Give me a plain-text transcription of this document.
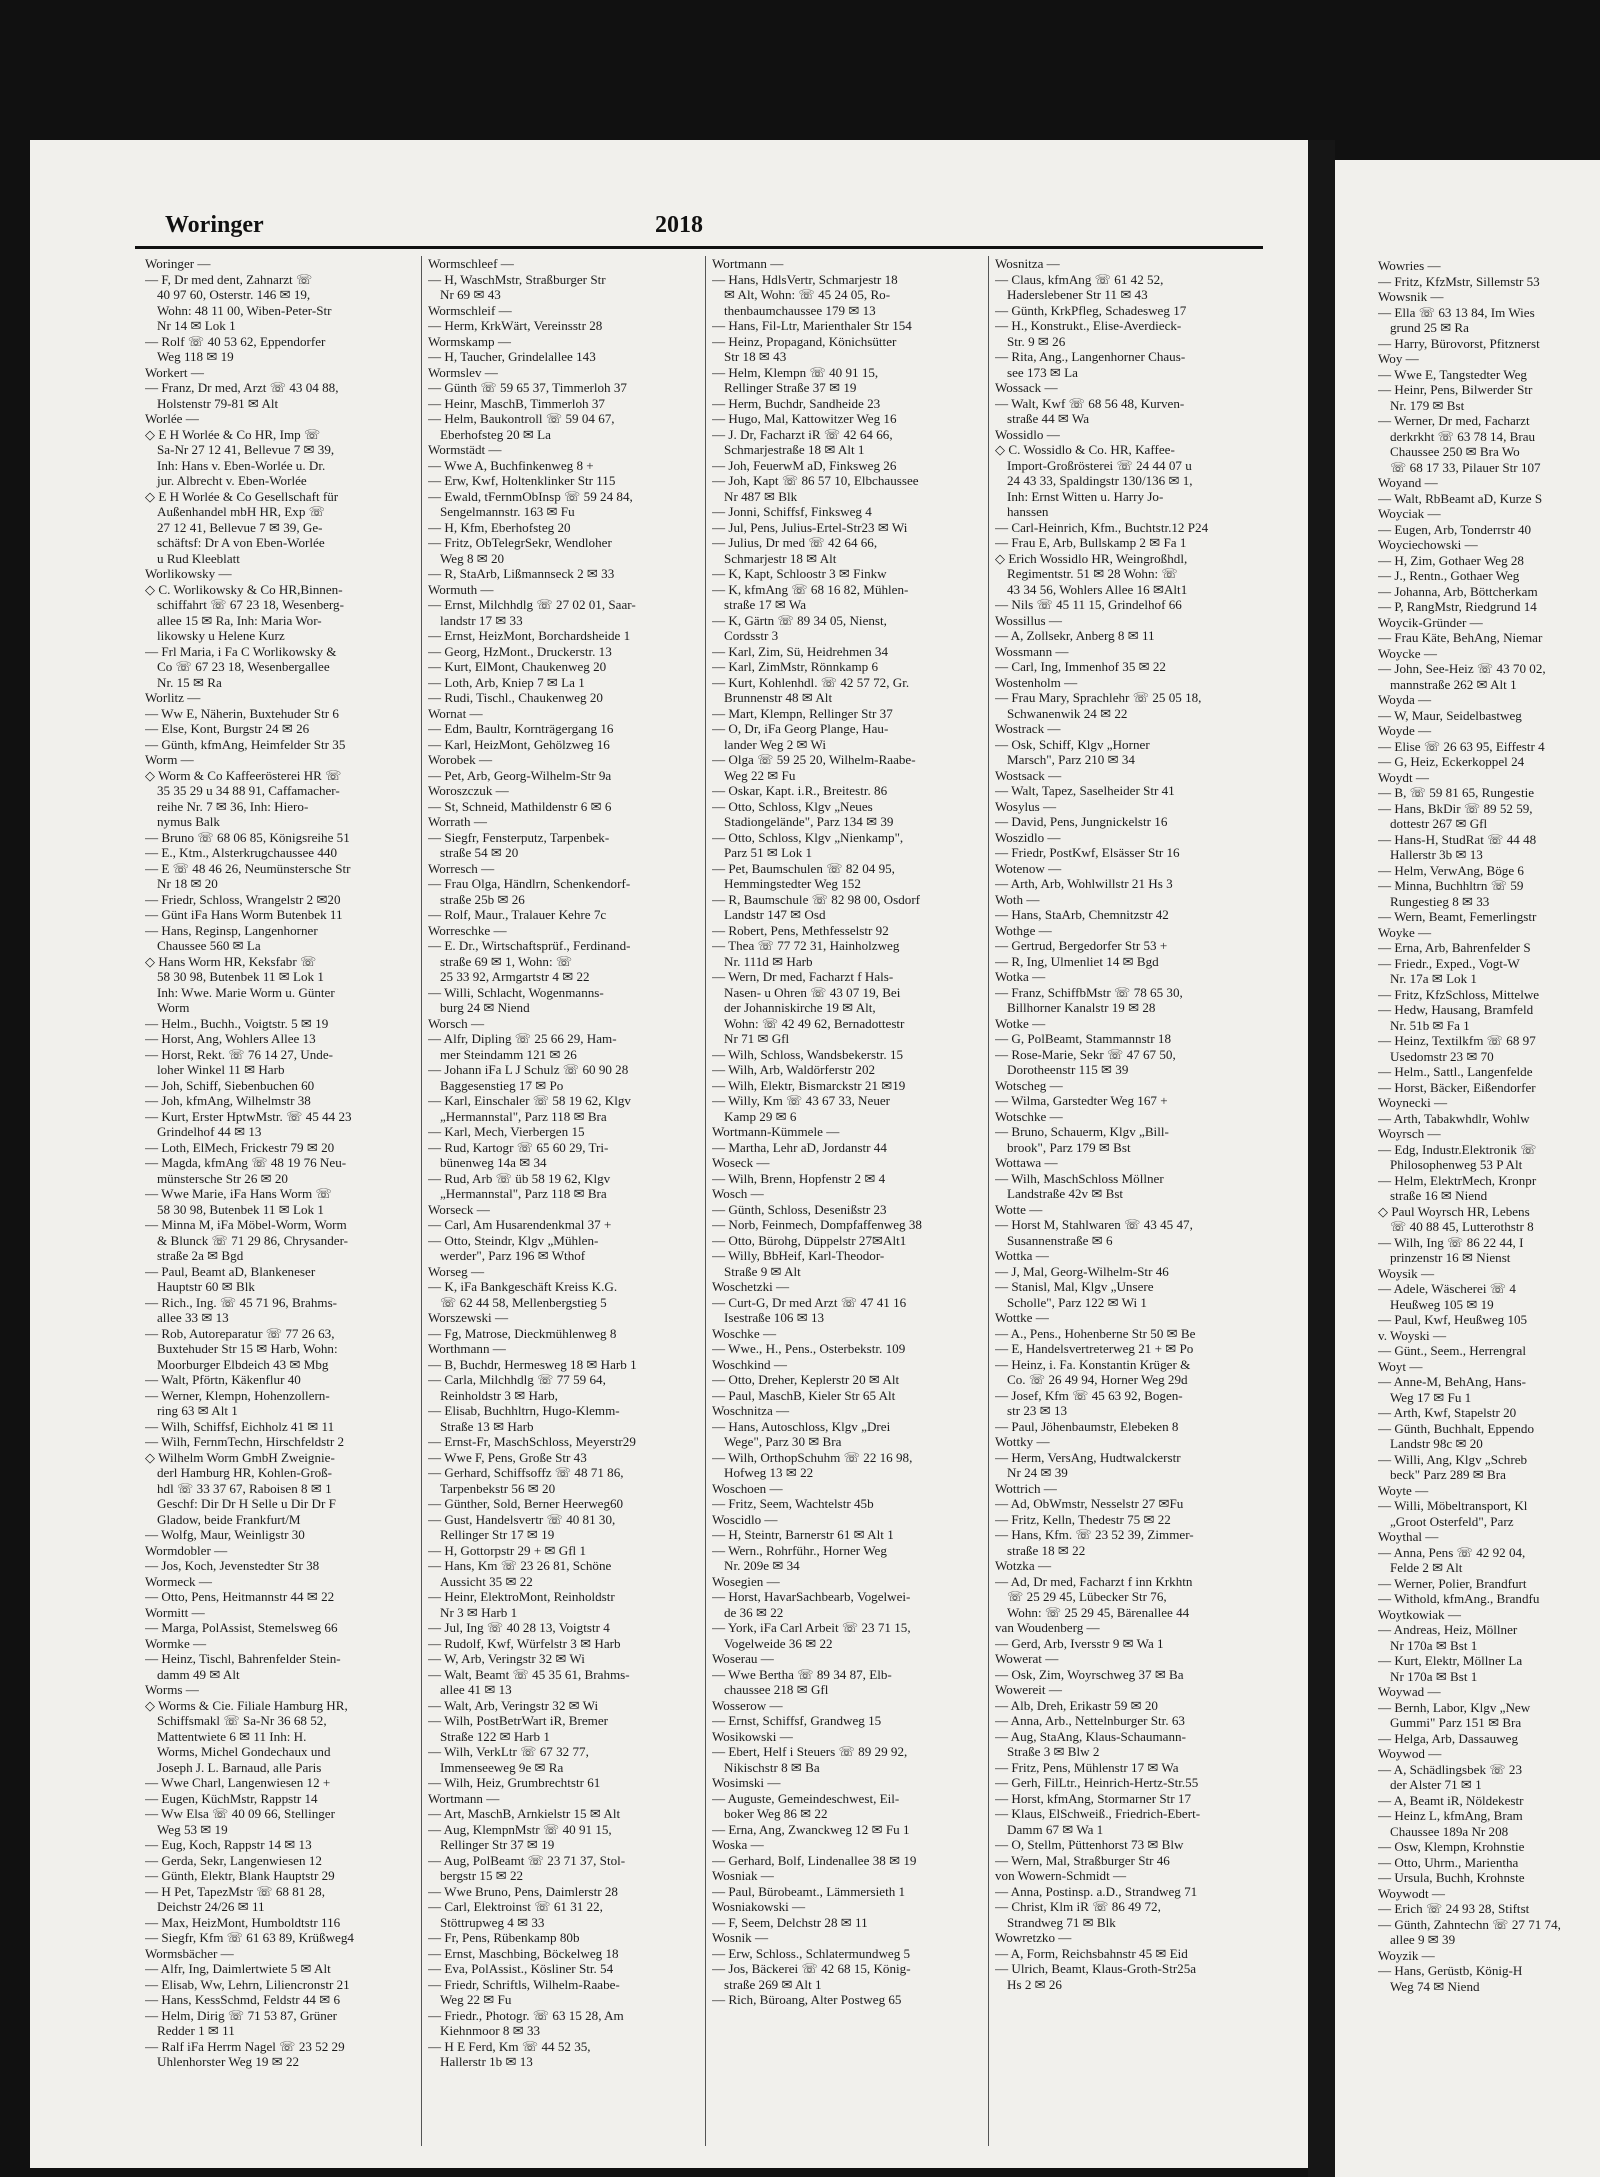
Woringer	2018
Woringer —
— F, Dr med dent, Zahnarzt ☏
40 97 60, Osterstr. 146 ✉ 19,
Wohn: 48 11 00, Wiben-Peter-Str
Nr 14 ✉ Lok 1
— Rolf ☏ 40 53 62, Eppendorfer
Weg 118 ✉ 19
Workert —
— Franz, Dr med, Arzt ☏ 43 04 88,
Holstenstr 79-81 ✉ Alt
Worlée —
◇ E H Worlée & Co HR, Imp ☏
Sa-Nr 27 12 41, Bellevue 7 ✉ 39,
Inh: Hans v. Eben-Worlée u. Dr.
jur. Albrecht v. Eben-Worlée
◇ E H Worlée & Co Gesellschaft für
Außenhandel mbH HR, Exp ☏
27 12 41, Bellevue 7 ✉ 39, Ge-
schäftsf: Dr A von Eben-Worlée
u Rud Kleeblatt
Worlikowsky —
◇ C. Worlikowsky & Co HR,Binnen-
schiffahrt ☏ 67 23 18, Wesenberg-
allee 15 ✉ Ra, Inh: Maria Wor-
likowsky u Helene Kurz
— Frl Maria, i Fa C Worlikowsky &
Co ☏ 67 23 18, Wesenbergallee
Nr. 15 ✉ Ra
Worlitz —
— Ww E, Näherin, Buxtehuder Str 6
— Else, Kont, Burgstr 24 ✉ 26
— Günth, kfmAng, Heimfelder Str 35
Worm —
◇ Worm & Co Kaffeerösterei HR ☏
35 35 29 u 34 88 91, Caffamacher-
reihe Nr. 7 ✉ 36, Inh: Hiero-
nymus Balk
— Bruno ☏ 68 06 85, Königsreihe 51
— E., Ktm., Alsterkrugchaussee 440
— E ☏ 48 46 26, Neumünstersche Str
Nr 18 ✉ 20
— Friedr, Schloss, Wrangelstr 2 ✉20
— Günt iFa Hans Worm Butenbek 11
— Hans, Reginsp, Langenhorner
Chaussee 560 ✉ La
◇ Hans Worm HR, Keksfabr ☏
58 30 98, Butenbek 11 ✉ Lok 1
Inh: Wwe. Marie Worm u. Günter
Worm
— Helm., Buchh., Voigtstr. 5 ✉ 19
— Horst, Ang, Wohlers Allee 13
— Horst, Rekt. ☏ 76 14 27, Unde-
loher Winkel 11 ✉ Harb
— Joh, Schiff, Siebenbuchen 60
— Joh, kfmAng, Wilhelmstr 38
— Kurt, Erster HptwMstr. ☏ 45 44 23
Grindelhof 44 ✉ 13
— Loth, ElMech, Frickestr 79 ✉ 20
— Magda, kfmAng ☏ 48 19 76 Neu-
münstersche Str 26 ✉ 20
— Wwe Marie, iFa Hans Worm ☏
58 30 98, Butenbek 11 ✉ Lok 1
— Minna M, iFa Möbel-Worm, Worm
& Blunck ☏ 71 29 86, Chrysander-
straße 2a ✉ Bgd
— Paul, Beamt aD, Blankeneser
Hauptstr 60 ✉ Blk
— Rich., Ing. ☏ 45 71 96, Brahms-
allee 33 ✉ 13
— Rob, Autoreparatur ☏ 77 26 63,
Buxtehuder Str 15 ✉ Harb, Wohn:
Moorburger Elbdeich 43 ✉ Mbg
— Walt, Pförtn, Käkenflur 40
— Werner, Klempn, Hohenzollern-
ring 63 ✉ Alt 1
— Wilh, Schiffsf, Eichholz 41 ✉ 11
— Wilh, FernmTechn, Hirschfeldstr 2
◇ Wilhelm Worm GmbH Zweignie-
derl Hamburg HR, Kohlen-Groß-
hdl ☏ 33 37 67, Raboisen 8 ✉ 1
Geschf: Dir Dr H Selle u Dir Dr F
Gladow, beide Frankfurt/M
— Wolfg, Maur, Weinligstr 30
Wormdobler —
— Jos, Koch, Jevenstedter Str 38
Wormeck —
— Otto, Pens, Heitmannstr 44 ✉ 22
Wormitt —
— Marga, PolAssist, Stemelsweg 66
Wormke —
— Heinz, Tischl, Bahrenfelder Stein-
damm 49 ✉ Alt
Worms —
◇ Worms & Cie. Filiale Hamburg HR,
Schiffsmakl ☏ Sa-Nr 36 68 52,
Mattentwiete 6 ✉ 11 Inh: H.
Worms, Michel Gondechaux und
Joseph J. L. Barnaud, alle Paris
— Wwe Charl, Langenwiesen 12 +
— Eugen, KüchMstr, Rappstr 14
— Ww Elsa ☏ 40 09 66, Stellinger
Weg 53 ✉ 19
— Eug, Koch, Rappstr 14 ✉ 13
— Gerda, Sekr, Langenwiesen 12
— Günth, Elektr, Blank Hauptstr 29
— H Pet, TapezMstr ☏ 68 81 28,
Deichstr 24/26 ✉ 11
— Max, HeizMont, Humboldtstr 116
— Siegfr, Kfm ☏ 61 63 89, Krüßweg4
Wormsbächer —
— Alfr, Ing, Daimlertwiete 5 ✉ Alt
— Elisab, Ww, Lehrn, Liliencronstr 21
— Hans, KessSchmd, Feldstr 44 ✉ 6
— Helm, Dirig ☏ 71 53 87, Grüner
Redder 1 ✉ 11
— Ralf iFa Herrm Nagel ☏ 23 52 29
Uhlenhorster Weg 19 ✉ 22
Wormschleef —
— H, WaschMstr, Straßburger Str
Nr 69 ✉ 43
Wormschleif —
— Herm, KrkWärt, Vereinsstr 28
Wormskamp —
— H, Taucher, Grindelallee 143
Wormslev —
— Günth ☏ 59 65 37, Timmerloh 37
— Heinr, MaschB, Timmerloh 37
— Helm, Baukontroll ☏ 59 04 67,
Eberhofsteg 20 ✉ La
Wormstädt —
— Wwe A, Buchfinkenweg 8 +
— Erw, Kwf, Holtenklinker Str 115
— Ewald, tFernmObInsp ☏ 59 24 84,
Sengelmannstr. 163 ✉ Fu
— H, Kfm, Eberhofsteg 20
— Fritz, ObTelegrSekr, Wendloher
Weg 8 ✉ 20
— R, StaArb, Lißmannseck 2 ✉ 33
Wormuth —
— Ernst, Milchhdlg ☏ 27 02 01, Saar-
landstr 17 ✉ 33
— Ernst, HeizMont, Borchardsheide 1
— Georg, HzMont., Druckerstr. 13
— Kurt, ElMont, Chaukenweg 20
— Loth, Arb, Kniep 7 ✉ La 1
— Rudi, Tischl., Chaukenweg 20
Wornat —
— Edm, Baultr, Kornträgergang 16
— Karl, HeizMont, Gehölzweg 16
Worobek —
— Pet, Arb, Georg-Wilhelm-Str 9a
Woroszczuk —
— St, Schneid, Mathildenstr 6 ✉ 6
Worrath —
— Siegfr, Fensterputz, Tarpenbek-
straße 54 ✉ 20
Worresch —
— Frau Olga, Händlrn, Schenkendorf-
straße 25b ✉ 26
— Rolf, Maur., Tralauer Kehre 7c
Worreschke —
— E. Dr., Wirtschaftsprüf., Ferdinand-
straße 69 ✉ 1, Wohn: ☏
25 33 92, Armgartstr 4 ✉ 22
— Willi, Schlacht, Wogenmanns-
burg 24 ✉ Niend
Worsch —
— Alfr, Dipling ☏ 25 66 29, Ham-
mer Steindamm 121 ✉ 26
— Johann iFa L J Schulz ☏ 60 90 28
Baggesenstieg 17 ✉ Po
— Karl, Einschaler ☏ 58 19 62, Klgv
„Hermannstal", Parz 118 ✉ Bra
— Karl, Mech, Vierbergen 15
— Rud, Kartogr ☏ 65 60 29, Tri-
bünenweg 14a ✉ 34
— Rud, Arb ☏ üb 58 19 62, Klgv
„Hermannstal", Parz 118 ✉ Bra
Worseck —
— Carl, Am Husarendenkmal 37 +
— Otto, Steindr, Klgv „Mühlen-
werder", Parz 196 ✉ Wthof
Worseg —
— K, iFa Bankgeschäft Kreiss K.G.
☏ 62 44 58, Mellenbergstieg 5
Worszewski —
— Fg, Matrose, Dieckmühlenweg 8
Worthmann —
— B, Buchdr, Hermesweg 18 ✉ Harb 1
— Carla, Milchhdlg ☏ 77 59 64,
Reinholdstr 3 ✉ Harb,
— Elisab, Buchhltrn, Hugo-Klemm-
Straße 13 ✉ Harb
— Ernst-Fr, MaschSchloss, Meyerstr29
— Wwe F, Pens, Große Str 43
— Gerhard, Schiffsoffz ☏ 48 71 86,
Tarpenbekstr 56 ✉ 20
— Günther, Sold, Berner Heerweg60
— Gust, Handelsvertr ☏ 40 81 30,
Rellinger Str 17 ✉ 19
— H, Gottorpstr 29 + ✉ Gfl 1
— Hans, Km ☏ 23 26 81, Schöne
Aussicht 35 ✉ 22
— Heinr, ElektroMont, Reinholdstr
Nr 3 ✉ Harb 1
— Jul, Ing ☏ 40 28 13, Voigtstr 4
— Rudolf, Kwf, Würfelstr 3 ✉ Harb
— W, Arb, Veringstr 32 ✉ Wi
— Walt, Beamt ☏ 45 35 61, Brahms-
allee 41 ✉ 13
— Walt, Arb, Veringstr 32 ✉ Wi
— Wilh, PostBetrWart iR, Bremer
Straße 122 ✉ Harb 1
— Wilh, VerkLtr ☏ 67 32 77,
Immenseeweg 9e ✉ Ra
— Wilh, Heiz, Grumbrechtstr 61
Wortmann —
— Art, MaschB, Arnkielstr 15 ✉ Alt
— Aug, KlempnMstr ☏ 40 91 15,
Rellinger Str 37 ✉ 19
— Aug, PolBeamt ☏ 23 71 37, Stol-
bergstr 15 ✉ 22
— Wwe Bruno, Pens, Daimlerstr 28
— Carl, Elektroinst ☏ 61 31 22,
Stöttrupweg 4 ✉ 33
— Fr, Pens, Rübenkamp 80b
— Ernst, Maschbing, Böckelweg 18
— Eva, PolAssist., Kösliner Str. 54
— Friedr, Schriftls, Wilhelm-Raabe-
Weg 22 ✉ Fu
— Friedr., Photogr. ☏ 63 15 28, Am
Kiehnmoor 8 ✉ 33
— H E Ferd, Km ☏ 44 52 35,
Hallerstr 1b ✉ 13
Wortmann —
— Hans, HdlsVertr, Schmarjestr 18
✉ Alt, Wohn: ☏ 45 24 05, Ro-
thenbaumchaussee 179 ✉ 13
— Hans, Fil-Ltr, Marienthaler Str 154
— Heinz, Propagand, Könichsütter
Str 18 ✉ 43
— Helm, Klempn ☏ 40 91 15,
Rellinger Straße 37 ✉ 19
— Herm, Buchdr, Sandheide 23
— Hugo, Mal, Kattowitzer Weg 16
— J. Dr, Facharzt iR ☏ 42 64 66,
Schmarjestraße 18 ✉ Alt 1
— Joh, FeuerwM aD, Finksweg 26
— Joh, Kapt ☏ 86 57 10, Elbchaussee
Nr 487 ✉ Blk
— Jonni, Schiffsf, Finksweg 4
— Jul, Pens, Julius-Ertel-Str23 ✉ Wi
— Julius, Dr med ☏ 42 64 66,
Schmarjestr 18 ✉ Alt
— K, Kapt, Schloostr 3 ✉ Finkw
— K, kfmAng ☏ 68 16 82, Mühlen-
straße 17 ✉ Wa
— K, Gärtn ☏ 89 34 05, Nienst,
Cordsstr 3
— Karl, Zim, Sü, Heidrehmen 34
— Karl, ZimMstr, Rönnkamp 6
— Kurt, Kohlenhdl. ☏ 42 57 72, Gr.
Brunnenstr 48 ✉ Alt
— Mart, Klempn, Rellinger Str 37
— O, Dr, iFa Georg Plange, Hau-
lander Weg 2 ✉ Wi
— Olga ☏ 59 25 20, Wilhelm-Raabe-
Weg 22 ✉ Fu
— Oskar, Kapt. i.R., Breitestr. 86
— Otto, Schloss, Klgv „Neues
Stadiongelände", Parz 134 ✉ 39
— Otto, Schloss, Klgv „Nienkamp",
Parz 51 ✉ Lok 1
— Pet, Baumschulen ☏ 82 04 95,
Hemmingstedter Weg 152
— R, Baumschule ☏ 82 98 00, Osdorf
Landstr 147 ✉ Osd
— Robert, Pens, Methfesselstr 92
— Thea ☏ 77 72 31, Hainholzweg
Nr. 111d ✉ Harb
— Wern, Dr med, Facharzt f Hals-
Nasen- u Ohren ☏ 43 07 19, Bei
der Johanniskirche 19 ✉ Alt,
Wohn: ☏ 42 49 62, Bernadottestr
Nr 71 ✉ Gfl
— Wilh, Schloss, Wandsbekerstr. 15
— Wilh, Arb, Waldörferstr 202
— Wilh, Elektr, Bismarckstr 21 ✉19
— Willy, Km ☏ 43 67 33, Neuer
Kamp 29 ✉ 6
Wortmann-Kümmele —
— Martha, Lehr aD, Jordanstr 44
Woseck —
— Wilh, Brenn, Hopfenstr 2 ✉ 4
Wosch —
— Günth, Schloss, Desenißstr 23
— Norb, Feinmech, Dompfaffenweg 38
— Otto, Bürohg, Düppelstr 27✉Alt1
— Willy, BbHeif, Karl-Theodor-
Straße 9 ✉ Alt
Woschetzki —
— Curt-G, Dr med Arzt ☏ 47 41 16
Isestraße 106 ✉ 13
Woschke —
— Wwe., H., Pens., Osterbekstr. 109
Woschkind —
— Otto, Dreher, Keplerstr 20 ✉ Alt
— Paul, MaschB, Kieler Str 65 Alt
Woschnitza —
— Hans, Autoschloss, Klgv „Drei
Wege", Parz 30 ✉ Bra
— Wilh, OrthopSchuhm ☏ 22 16 98,
Hofweg 13 ✉ 22
Woschoen —
— Fritz, Seem, Wachtelstr 45b
Woscidlo —
— H, Steintr, Barnerstr 61 ✉ Alt 1
— Wern., Rohrführ., Horner Weg
Nr. 209e ✉ 34
Wosegien —
— Horst, HavarSachbearb, Vogelwei-
de 36 ✉ 22
— York, iFa Carl Arbeit ☏ 23 71 15,
Vogelweide 36 ✉ 22
Woserau —
— Wwe Bertha ☏ 89 34 87, Elb-
chaussee 218 ✉ Gfl
Wosserow —
— Ernst, Schiffsf, Grandweg 15
Wosikowski —
— Ebert, Helf i Steuers ☏ 89 29 92,
Nikischstr 8 ✉ Ba
Wosimski —
— Auguste, Gemeindeschwest, Eil-
boker Weg 86 ✉ 22
— Erna, Ang, Zwanckweg 12 ✉ Fu 1
Woska —
— Gerhard, Bolf, Lindenallee 38 ✉ 19
Wosniak —
— Paul, Bürobeamt., Lämmersieth 1
Wosniakowski —
— F, Seem, Delchstr 28 ✉ 11
Wosnik —
— Erw, Schloss., Schlatermundweg 5
— Jos, Bäckerei ☏ 42 68 15, König-
straße 269 ✉ Alt 1
— Rich, Büroang, Alter Postweg 65
Wosnitza —
— Claus, kfmAng ☏ 61 42 52,
Haderslebener Str 11 ✉ 43
— Günth, KrkPfleg, Schadesweg 17
— H., Konstrukt., Elise-Averdieck-
Str. 9 ✉ 26
— Rita, Ang., Langenhorner Chaus-
see 173 ✉ La
Wossack —
— Walt, Kwf ☏ 68 56 48, Kurven-
straße 44 ✉ Wa
Wossidlo —
◇ C. Wossidlo & Co. HR, Kaffee-
Import-Großrösterei ☏ 24 44 07 u
24 43 33, Spaldingstr 130/136 ✉ 1,
Inh: Ernst Witten u. Harry Jo-
hanssen
— Carl-Heinrich, Kfm., Buchtstr.12 P24
— Frau E, Arb, Bullskamp 2 ✉ Fa 1
◇ Erich Wossidlo HR, Weingroßhdl,
Regimentstr. 51 ✉ 28 Wohn: ☏
43 34 56, Wohlers Allee 16 ✉Alt1
— Nils ☏ 45 11 15, Grindelhof 66
Wossillus —
— A, Zollsekr, Anberg 8 ✉ 11
Wossmann —
— Carl, Ing, Immenhof 35 ✉ 22
Wostenholm —
— Frau Mary, Sprachlehr ☏ 25 05 18,
Schwanenwik 24 ✉ 22
Wostrack —
— Osk, Schiff, Klgv „Horner
Marsch", Parz 210 ✉ 34
Wostsack —
— Walt, Tapez, Saselheider Str 41
Wosylus —
— David, Pens, Jungnickelstr 16
Woszidlo —
— Friedr, PostKwf, Elsässer Str 16
Wotenow —
— Arth, Arb, Wohlwillstr 21 Hs 3
Woth —
— Hans, StaArb, Chemnitzstr 42
Wothge —
— Gertrud, Bergedorfer Str 53 +
— R, Ing, Ulmenliet 14 ✉ Bgd
Wotka —
— Franz, SchiffbMstr ☏ 78 65 30,
Billhorner Kanalstr 19 ✉ 28
Wotke —
— G, PolBeamt, Stammannstr 18
— Rose-Marie, Sekr ☏ 47 67 50,
Dorotheenstr 115 ✉ 39
Wotscheg —
— Wilma, Garstedter Weg 167 +
Wotschke —
— Bruno, Schauerm, Klgv „Bill-
brook", Parz 179 ✉ Bst
Wottawa —
— Wilh, MaschSchloss Möllner
Landstraße 42v ✉ Bst
Wotte —
— Horst M, Stahlwaren ☏ 43 45 47,
Susannenstraße ✉ 6
Wottka —
— J, Mal, Georg-Wilhelm-Str 46
— Stanisl, Mal, Klgv „Unsere
Scholle", Parz 122 ✉ Wi 1
Wottke —
— A., Pens., Hohenberne Str 50 ✉ Be
— E, Handelsvertreterweg 21 + ✉ Po
— Heinz, i. Fa. Konstantin Krüger &
Co. ☏ 26 49 94, Horner Weg 29d
— Josef, Kfm ☏ 45 63 92, Bogen-
str 23 ✉ 13
— Paul, Jöhenbaumstr, Elebeken 8
Wottky —
— Herm, VersAng, Hudtwalckerstr
Nr 24 ✉ 39
Wottrich —
— Ad, ObWmstr, Nesselstr 27 ✉Fu
— Fritz, Kelln, Thedestr 75 ✉ 22
— Hans, Kfm. ☏ 23 52 39, Zimmer-
straße 18 ✉ 22
Wotzka —
— Ad, Dr med, Facharzt f inn Krkhtn
☏ 25 29 45, Lübecker Str 76,
Wohn: ☏ 25 29 45, Bärenallee 44
van Woudenberg —
— Gerd, Arb, Iversstr 9 ✉ Wa 1
Wowerat —
— Osk, Zim, Woyrschweg 37 ✉ Ba
Wowereit —
— Alb, Dreh, Erikastr 59 ✉ 20
— Anna, Arb., Nettelnburger Str. 63
— Aug, StaAng, Klaus-Schaumann-
Straße 3 ✉ Blw 2
— Fritz, Pens, Mühlenstr 17 ✉ Wa
— Gerh, FilLtr., Heinrich-Hertz-Str.55
— Horst, kfmAng, Stormarner Str 17
— Klaus, ElSchweiß., Friedrich-Ebert-
Damm 67 ✉ Wa 1
— O, Stellm, Püttenhorst 73 ✉ Blw
— Wern, Mal, Straßburger Str 46
von Wowern-Schmidt —
— Anna, Postinsp. a.D., Strandweg 71
— Christ, Klm iR ☏ 86 49 72,
Strandweg 71 ✉ Blk
Wowretzko —
— A, Form, Reichsbahnstr 45 ✉ Eid
— Ulrich, Beamt, Klaus-Groth-Str25a
Hs 2 ✉ 26
Wowries —
— Fritz, KfzMstr, Sillemstr 53
Wowsnik —
— Ella ☏ 63 13 84, Im Wies
grund 25 ✉ Ra
— Harry, Bürovorst, Pfitznerst
Woy —
— Wwe E, Tangstedter Weg
— Heinr, Pens, Bilwerder Str
Nr. 179 ✉ Bst
— Werner, Dr med, Facharzt
derkrkht ☏ 63 78 14, Brau
Chaussee 250 ✉ Bra Wo
☏ 68 17 33, Pilauer Str 107
Woyand —
— Walt, RbBeamt aD, Kurze S
Woyciak —
— Eugen, Arb, Tonderrstr 40
Woyciechowski —
— H, Zim, Gothaer Weg 28
— J., Rentn., Gothaer Weg
— Johanna, Arb, Böttcherkam
— P, RangMstr, Riedgrund 14
Woycik-Gründer —
— Frau Käte, BehAng, Niemar
Woycke —
— John, See-Heiz ☏ 43 70 02,
mannstraße 262 ✉ Alt 1
Woyda —
— W, Maur, Seidelbastweg
Woyde —
— Elise ☏ 26 63 95, Eiffestr 4
— G, Heiz, Eckerkoppel 24
Woydt —
— B, ☏ 59 81 65, Rungestie
— Hans, BkDir ☏ 89 52 59,
dottestr 267 ✉ Gfl
— Hans-H, StudRat ☏ 44 48
Hallerstr 3b ✉ 13
— Helm, VerwAng, Böge 6
— Minna, Buchhltrn ☏ 59
Rungestieg 8 ✉ 33
— Wern, Beamt, Femerlingstr
Woyke —
— Erna, Arb, Bahrenfelder S
— Friedr., Exped., Vogt-W
Nr. 17a ✉ Lok 1
— Fritz, KfzSchloss, Mittelwe
— Hedw, Hausang, Bramfeld
Nr. 51b ✉ Fa 1
— Heinz, Textilkfm ☏ 68 97
Usedomstr 23 ✉ 70
— Helm., Sattl., Langenfelde
— Horst, Bäcker, Eißendorfer
Woynecki —
— Arth, Tabakwhdlr, Wohlw
Woyrsch —
— Edg, Industr.Elektronik ☏
Philosophenweg 53 P Alt
— Helm, ElektrMech, Kronpr
straße 16 ✉ Niend
◇ Paul Woyrsch HR, Lebens
☏ 40 88 45, Lutterothstr 8
— Wilh, Ing ☏ 86 22 44, I
prinzenstr 16 ✉ Nienst
Woysik —
— Adele, Wäscherei ☏ 4
Heußweg 105 ✉ 19
— Paul, Kwf, Heußweg 105
v. Woyski —
— Günt., Seem., Herrengral
Woyt —
— Anne-M, BehAng, Hans-
Weg 17 ✉ Fu 1
— Arth, Kwf, Stapelstr 20
— Günth, Buchhalt, Eppendo
Landstr 98c ✉ 20
— Willi, Ang, Klgv „Schreb
beck" Parz 289 ✉ Bra
Woyte —
— Willi, Möbeltransport, Kl
„Groot Osterfeld", Parz
Woythal —
— Anna, Pens ☏ 42 92 04,
Felde 2 ✉ Alt
— Werner, Polier, Brandfurt
— Withold, kfmAng., Brandfu
Woytkowiak —
— Andreas, Heiz, Möllner
Nr 170a ✉ Bst 1
— Kurt, Elektr, Möllner La
Nr 170a ✉ Bst 1
Woywad —
— Bernh, Labor, Klgv „New
Gummi" Parz 151 ✉ Bra
— Helga, Arb, Dassauweg
Woywod —
— A, Schädlingsbek ☏ 23
der Alster 71 ✉ 1
— A, Beamt iR, Nöldekestr
— Heinz L, kfmAng, Bram
Chaussee 189a Nr 208
— Osw, Klempn, Krohnstie
— Otto, Uhrm., Marientha
— Ursula, Buchh, Krohnste
Woywodt —
— Erich ☏ 24 93 28, Stiftst
— Günth, Zahntechn ☏ 27 71 74,
allee 9 ✉ 39
Woyzik —
— Hans, Gerüstb, König-H
Weg 74 ✉ Niend
